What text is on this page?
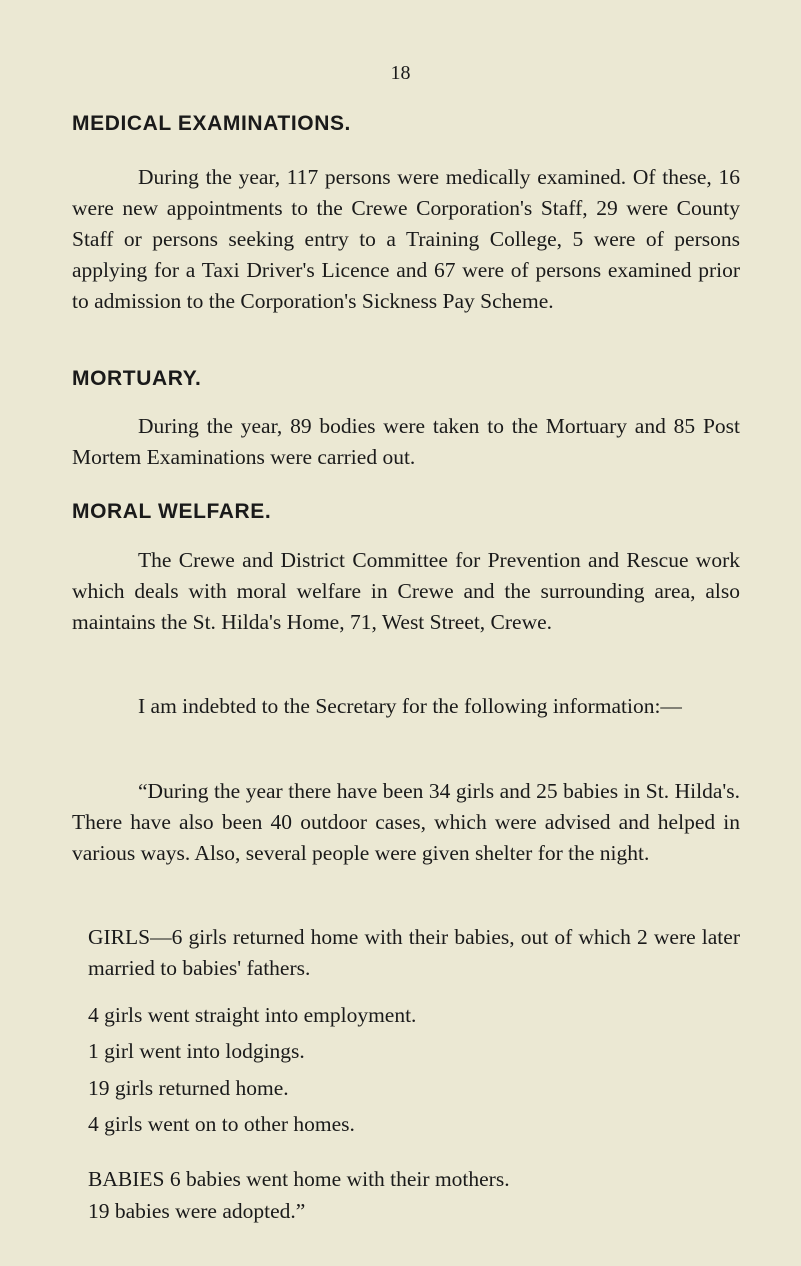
18
MEDICAL EXAMINATIONS.

During the year, 117 persons were medically examined. Of these, 16 were new appointments to the Crewe Corporation's Staff, 29 were County Staff or persons seeking entry to a Training College, 5 were of persons applying for a Taxi Driver's Licence and 67 were of persons examined prior to admission to the Corporation's Sickness Pay Scheme.

MORTUARY.

During the year, 89 bodies were taken to the Mortuary and 85 Post Mortem Examinations were carried out.

MORAL WELFARE.

The Crewe and District Committee for Prevention and Rescue work which deals with moral welfare in Crewe and the surrounding area, also maintains the St. Hilda's Home, 71, West Street, Crewe.

I am indebted to the Secretary for the following information:—

“During the year there have been 34 girls and 25 babies in St. Hilda's. There have also been 40 outdoor cases, which were advised and helped in various ways. Also, several people were given shelter for the night.

GIRLS—6 girls returned home with their babies, out of which 2 were later married to babies' fathers.

4 girls went straight into employment.

1 girl went into lodgings.

19 girls returned home.

4 girls went on to other homes.

BABIES 6 babies went home with their mothers.

19 babies were adopted.”
